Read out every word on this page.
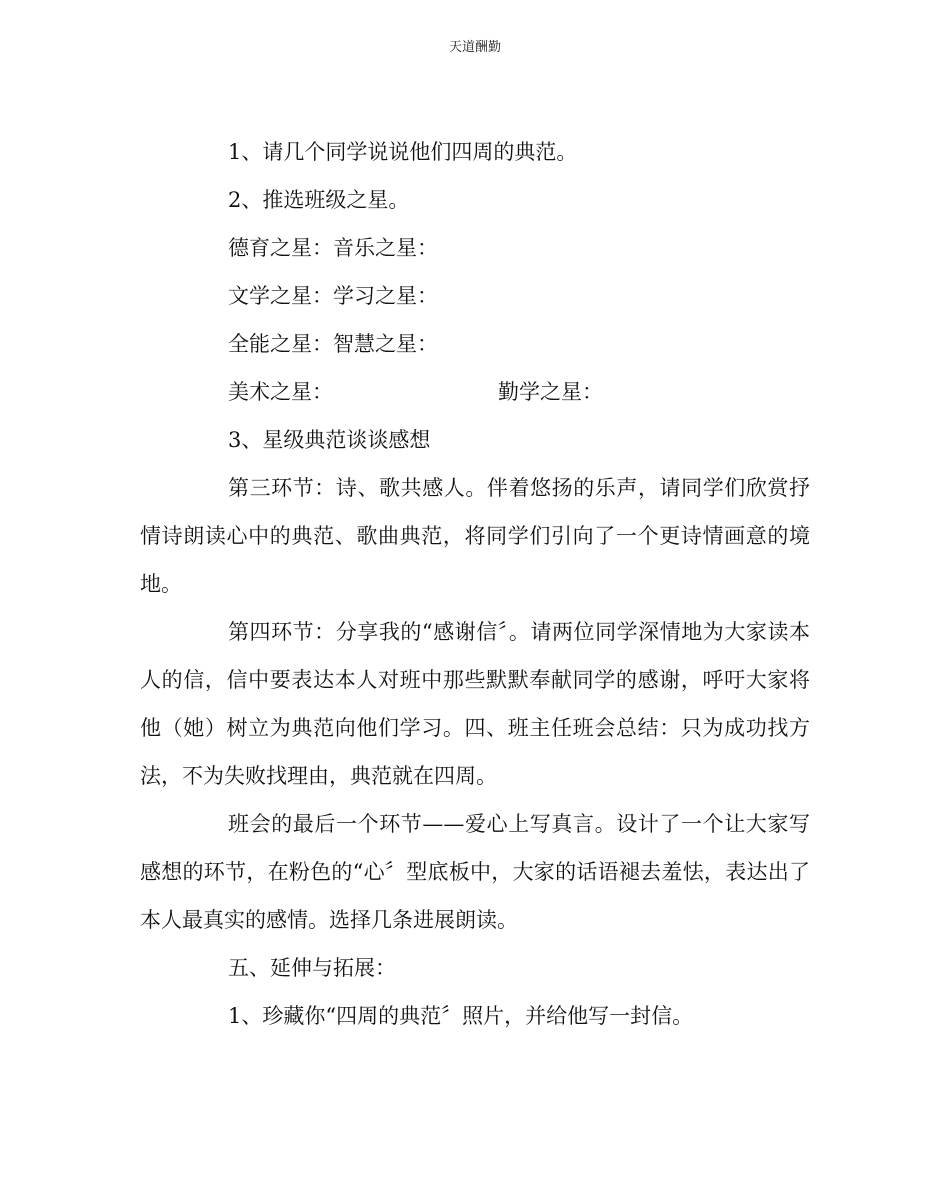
天道酬勤
1、请几个同学说说他们四周的典范。
2、推选班级之星。
德育之星：音乐之星：
文学之星：学习之星：
全能之星：智慧之星：
美术之星：	勤学之星：
3、星级典范谈谈感想

第三环节：诗、歌共感人。伴着悠扬的乐声，请同学们欣赏抒情诗朗读心中的典范、歌曲典范，将同学们引向了一个更诗情画意的境地。

第四环节：分享我的“感谢信〞。请两位同学深情地为大家读本人的信，信中要表达本人对班中那些默默奉献同学的感谢，呼吁大家将他（她）树立为典范向他们学习。四、班主任班会总结：只为成功找方法，不为失败找理由，典范就在四周。

班会的最后一个环节——爱心上写真言。设计了一个让大家写感想的环节，在粉色的“心〞型底板中，大家的话语褪去羞怯，表达出了本人最真实的感情。选择几条进展朗读。

五、延伸与拓展：
1、珍藏你“四周的典范〞照片，并给他写一封信。
